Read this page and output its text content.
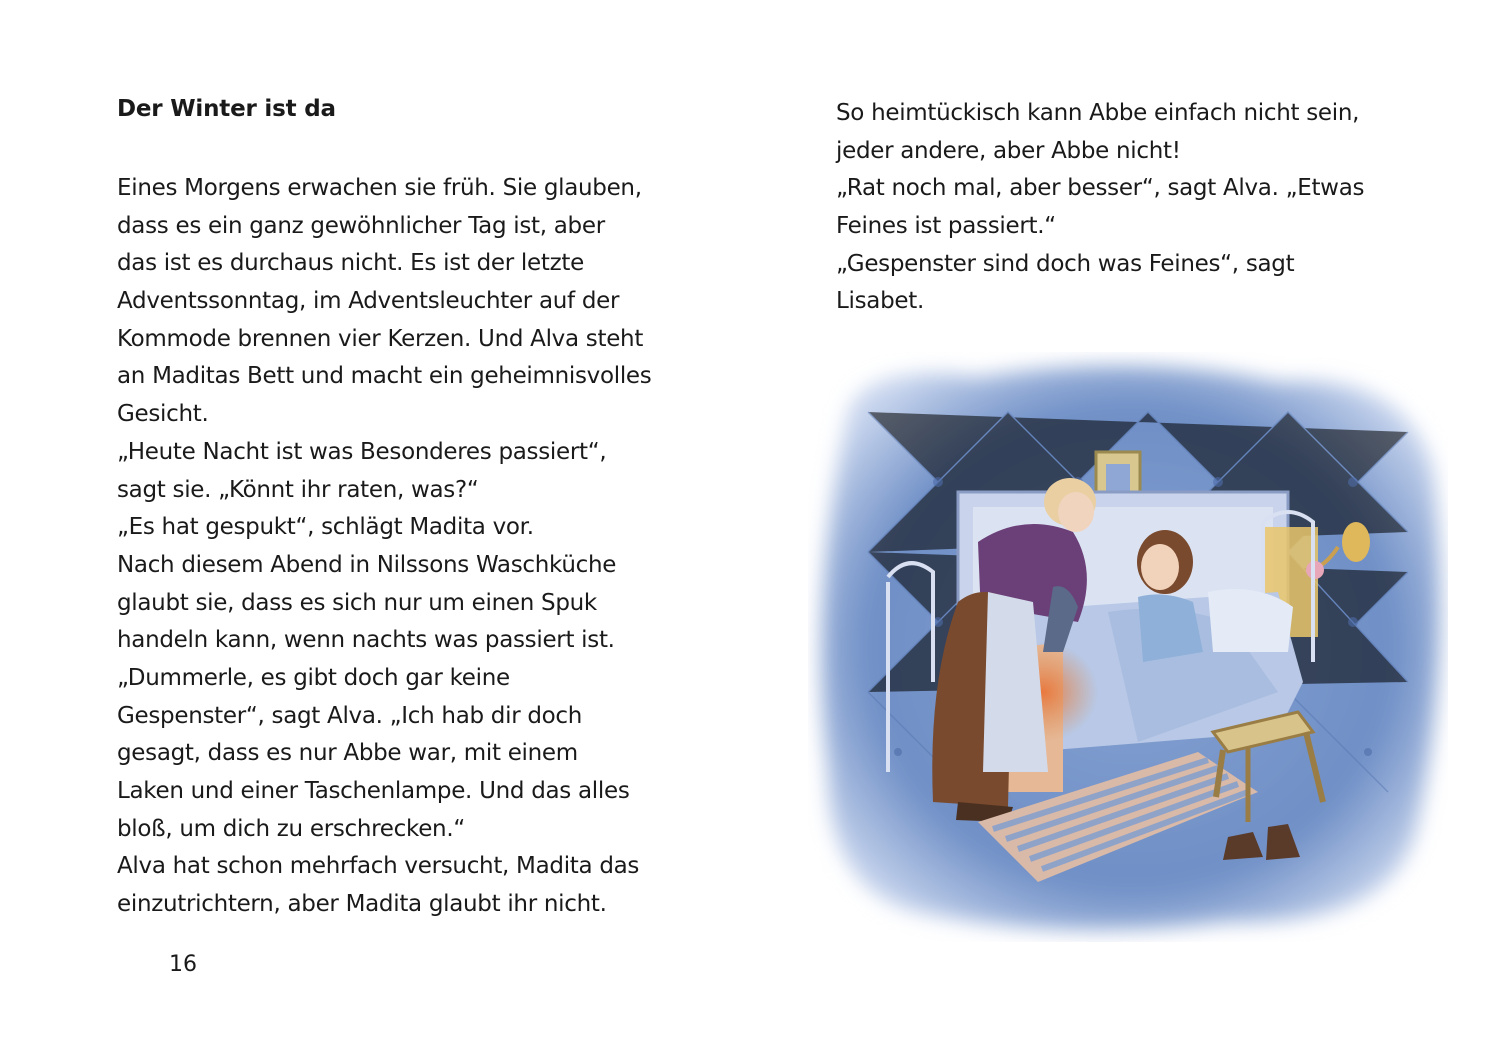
Der Winter ist da
Eines Morgens erwachen sie früh. Sie glauben,
dass es ein ganz gewöhnlicher Tag ist, aber
das ist es durchaus nicht. Es ist der letzte
Adventssonntag, im Adventsleuchter auf der
Kommode brennen vier Kerzen. Und Alva steht
an Maditas Bett und macht ein geheimnisvolles
Gesicht.
„Heute Nacht ist was Besonderes passiert“,
sagt sie. „Könnt ihr raten, was?“
„Es hat gespukt“, schlägt Madita vor.
Nach diesem Abend in Nilssons Waschküche
glaubt sie, dass es sich nur um einen Spuk
handeln kann, wenn nachts was passiert ist.
„Dummerle, es gibt doch gar keine
Gespenster“, sagt Alva. „Ich hab dir doch
gesagt, dass es nur Abbe war, mit einem
Laken und einer Taschenlampe. Und das alles
bloß, um dich zu erschrecken.“
Alva hat schon mehrfach versucht, Madita das
einzutrichtern, aber Madita glaubt ihr nicht.
16
So heimtückisch kann Abbe einfach nicht sein,
jeder andere, aber Abbe nicht!
„Rat noch mal, aber besser“, sagt Alva. „Etwas
Feines ist passiert.“
„Gespenster sind doch was Feines“, sagt
Lisabet.
